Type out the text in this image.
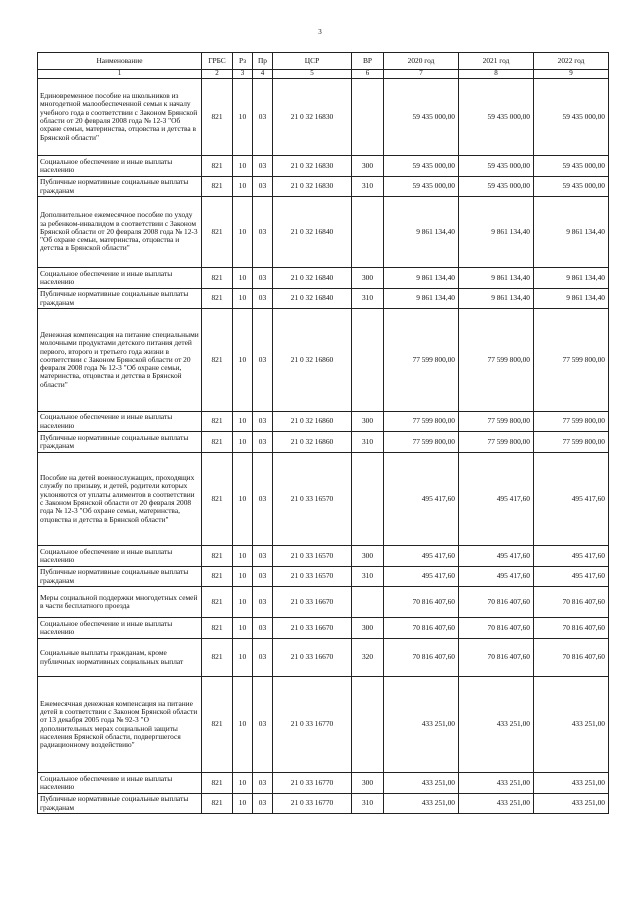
3
Наименование	ГРБС	Рз	Пр	ЦСР	ВР	2020 год	2021 год	2022 год
1	2	3	4	5	6	7	8	9
Единовременное пособие на школьников из многодетной малообеспеченной семьи к началу учебного года в соответствии с Законом Брянской области от 20 февраля 2008 года № 12-3 "Об охране семьи, материнства, отцовства и детства в Брянской области"	821	10	03	21 0 32 16830		59 435 000,00	59 435 000,00	59 435 000,00
Социальное обеспечение и иные выплаты населению	821	10	03	21 0 32 16830	300	59 435 000,00	59 435 000,00	59 435 000,00
Публичные нормативные социальные выплаты гражданам	821	10	03	21 0 32 16830	310	59 435 000,00	59 435 000,00	59 435 000,00
Дополнительное ежемесячное пособие по уходу за ребенком-инвалидом в соответствии с Законом Брянской области от 20 февраля 2008 года № 12-3 "Об охране семьи, материнства, отцовства и детства в Брянской области"	821	10	03	21 0 32 16840		9 861 134,40	9 861 134,40	9 861 134,40
Социальное обеспечение и иные выплаты населению	821	10	03	21 0 32 16840	300	9 861 134,40	9 861 134,40	9 861 134,40
Публичные нормативные социальные выплаты гражданам	821	10	03	21 0 32 16840	310	9 861 134,40	9 861 134,40	9 861 134,40
Денежная компенсация на питание специальными молочными продуктами детского питания детей первого, второго и третьего года жизни в соответствии с Законом Брянской области от 20 февраля 2008 года № 12-3 "Об охране семьи, материнства, отцовства и детства в Брянской области"	821	10	03	21 0 32 16860		77 599 800,00	77 599 800,00	77 599 800,00
Социальное обеспечение и иные выплаты населению	821	10	03	21 0 32 16860	300	77 599 800,00	77 599 800,00	77 599 800,00
Публичные нормативные социальные выплаты гражданам	821	10	03	21 0 32 16860	310	77 599 800,00	77 599 800,00	77 599 800,00
Пособие на детей военнослужащих, проходящих службу по призыву, и детей, родители которых уклоняются от уплаты алиментов в соответствии с Законом Брянской области от 20 февраля 2008 года № 12-3 "Об охране семьи, материнства, отцовства и детства в Брянской области"	821	10	03	21 0 33 16570		495 417,60	495 417,60	495 417,60
Социальное обеспечение и иные выплаты населению	821	10	03	21 0 33 16570	300	495 417,60	495 417,60	495 417,60
Публичные нормативные социальные выплаты гражданам	821	10	03	21 0 33 16570	310	495 417,60	495 417,60	495 417,60
Меры социальной поддержки многодетных семей в части бесплатного проезда	821	10	03	21 0 33 16670		70 816 407,60	70 816 407,60	70 816 407,60
Социальное обеспечение и иные выплаты населению	821	10	03	21 0 33 16670	300	70 816 407,60	70 816 407,60	70 816 407,60
Социальные выплаты гражданам, кроме публичных нормативных социальных выплат	821	10	03	21 0 33 16670	320	70 816 407,60	70 816 407,60	70 816 407,60
Ежемесячная денежная компенсация на питание детей в соответствии с Законом Брянской области от 13 декабря 2005 года № 92-3 "О дополнительных мерах социальной защиты населения Брянской области, подвергшегося радиационному воздействию"	821	10	03	21 0 33 16770		433 251,00	433 251,00	433 251,00
Социальное обеспечение и иные выплаты населению	821	10	03	21 0 33 16770	300	433 251,00	433 251,00	433 251,00
Публичные нормативные социальные выплаты гражданам	821	10	03	21 0 33 16770	310	433 251,00	433 251,00	433 251,00
